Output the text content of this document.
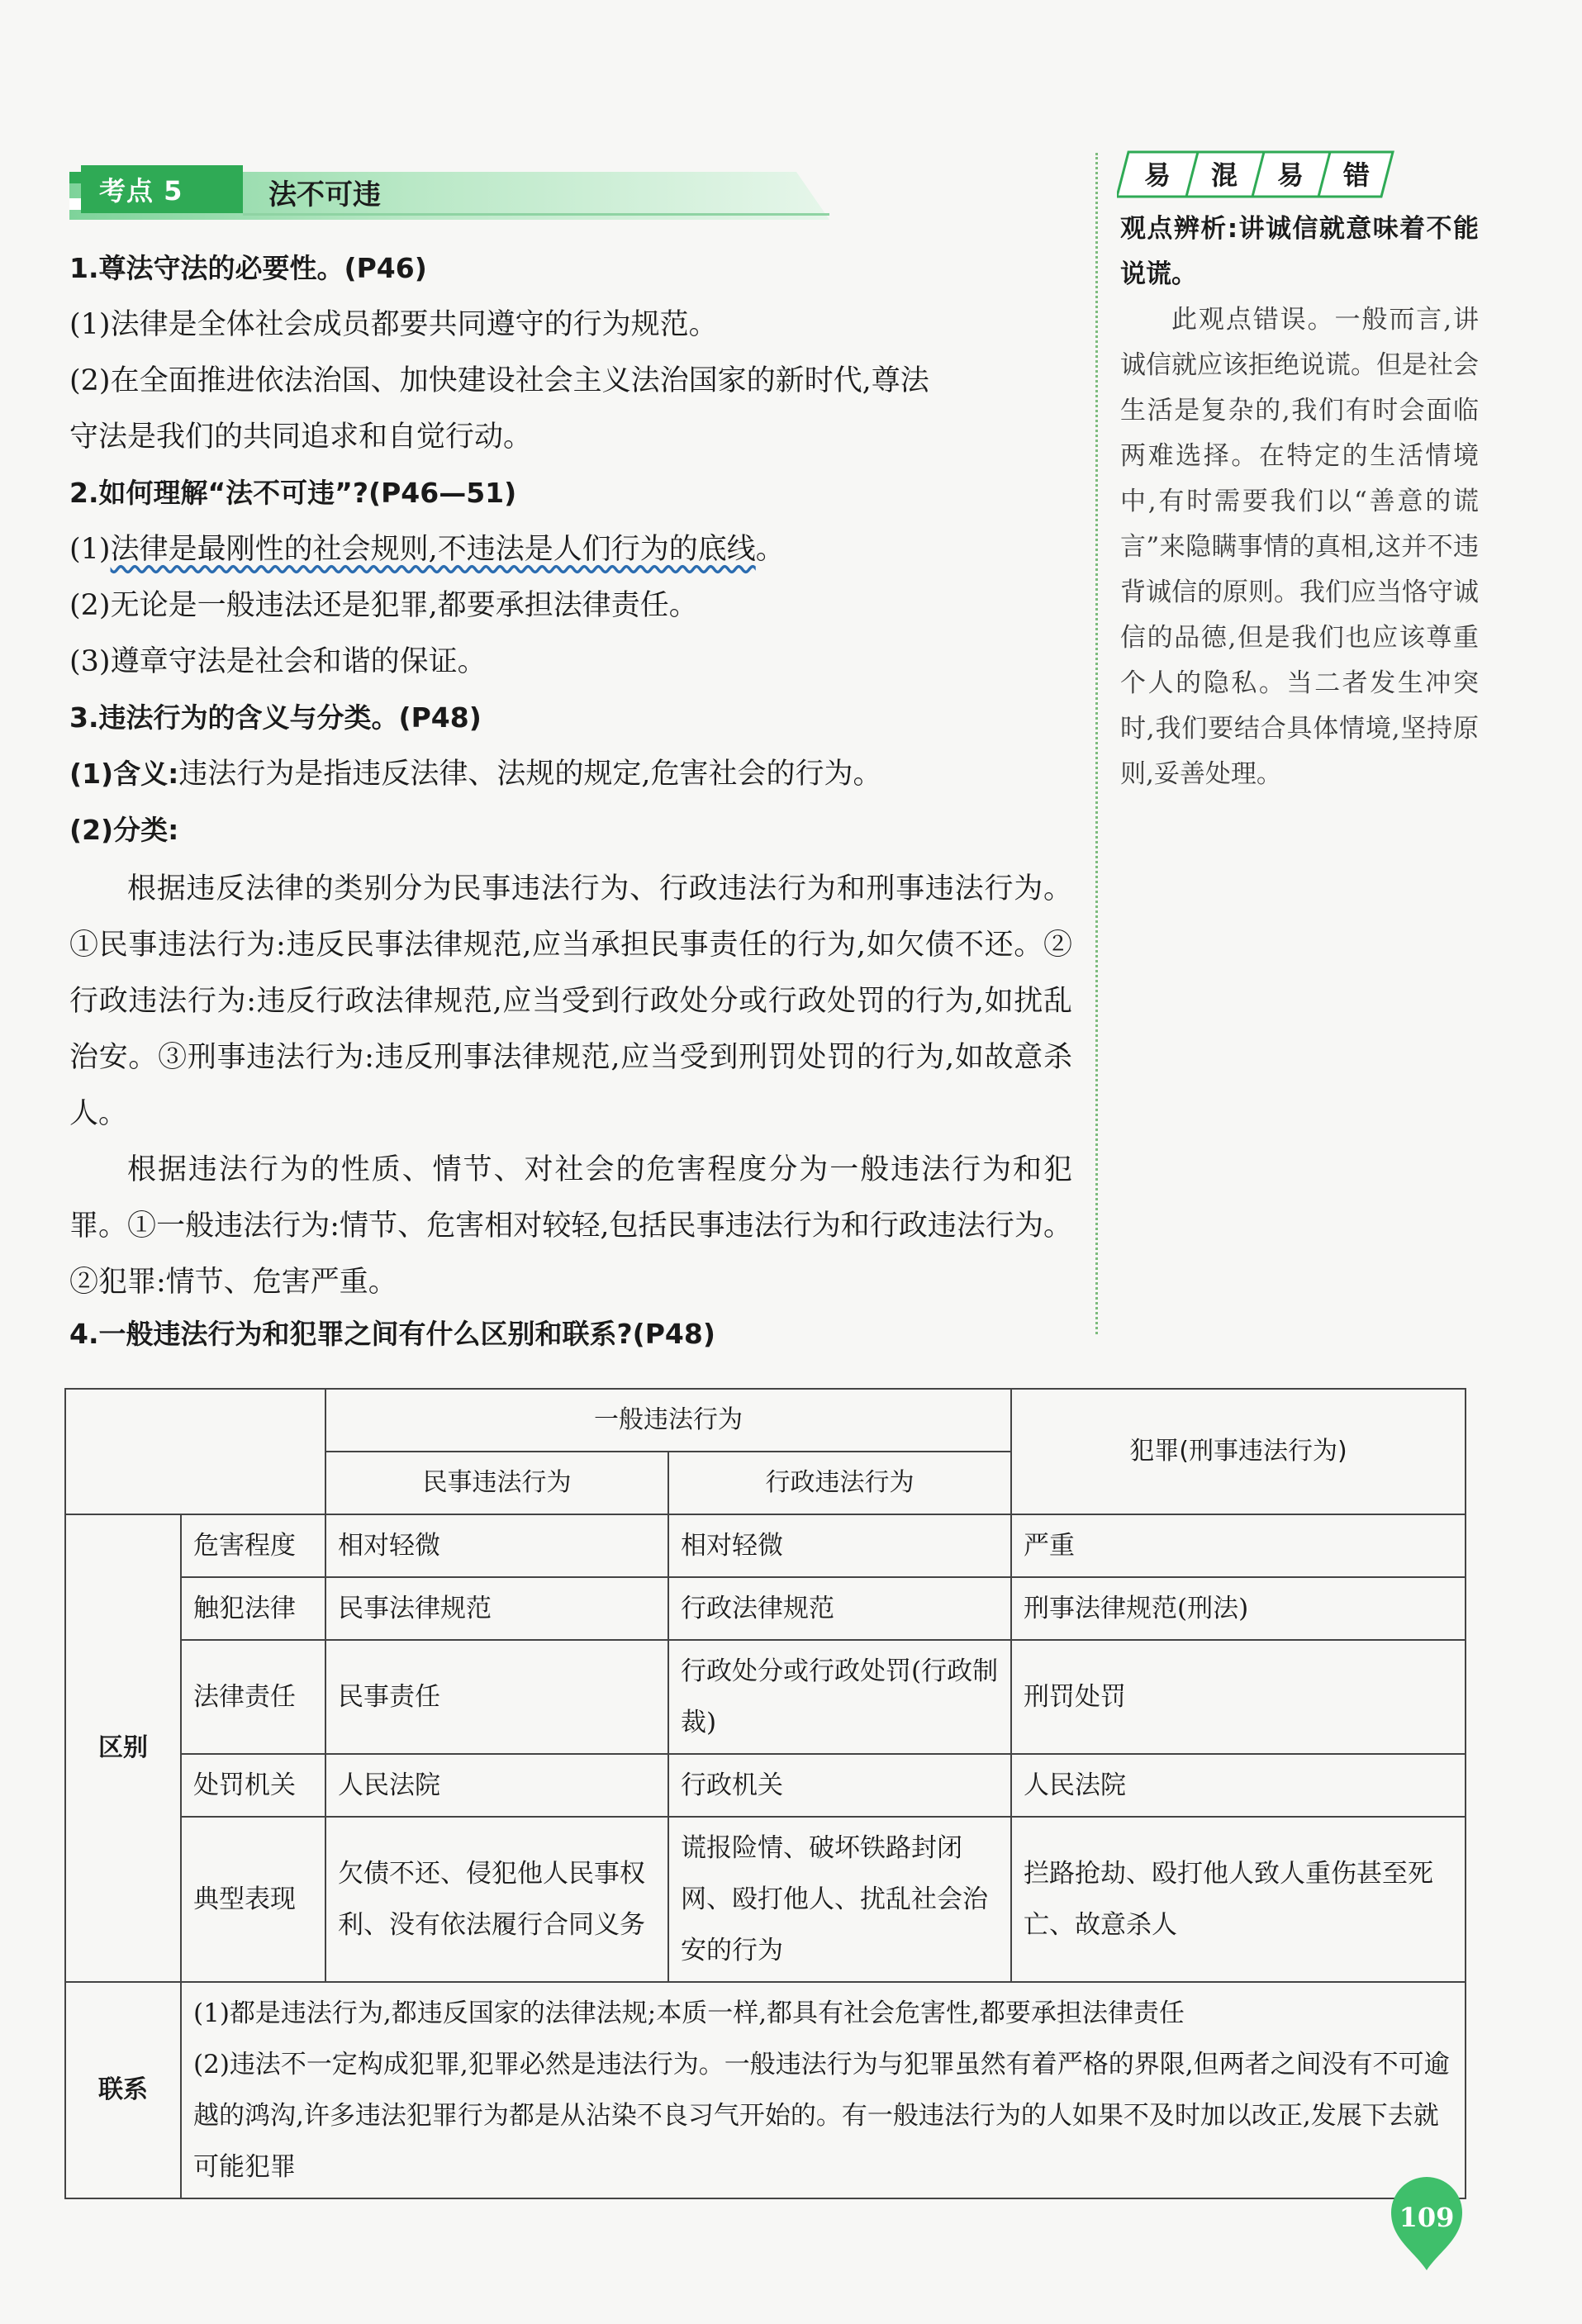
考点 5	法不可违
1.尊法守法的必要性。(P46)
(1)法律是全体社会成员都要共同遵守的行为规范。
(2)在全面推进依法治国、加快建设社会主义法治国家的新时代,尊法
守法是我们的共同追求和自觉行动。
2.如何理解“法不可违”?(P46—51)
(1)法律是最刚性的社会规则,不违法是人们行为的底线。
(2)无论是一般违法还是犯罪,都要承担法律责任。
(3)遵章守法是社会和谐的保证。
3.违法行为的含义与分类。(P48)
(1)含义:违法行为是指违反法律、法规的规定,危害社会的行为。
(2)分类:
根据违反法律的类别分为民事违法行为、行政违法行为和刑事违法行为。①民事违法行为:违反民事法律规范,应当承担民事责任的行为,如欠债不还。②行政违法行为:违反行政法律规范,应当受到行政处分或行政处罚的行为,如扰乱治安。③刑事违法行为:违反刑事法律规范,应当受到刑罚处罚的行为,如故意杀人。
根据违法行为的性质、情节、对社会的危害程度分为一般违法行为和犯罪。①一般违法行为:情节、危害相对较轻,包括民事违法行为和行政违法行为。②犯罪:情节、危害严重。
4.一般违法行为和犯罪之间有什么区别和联系?(P48)
易 混 易 错
观点辨析:讲诚信就意味着不能说谎。
此观点错误。一般而言,讲诚信就应该拒绝说谎。但是社会生活是复杂的,我们有时会面临两难选择。在特定的生活情境中,有时需要我们以“善意的谎言”来隐瞒事情的真相,这并不违背诚信的原则。我们应当恪守诚信的品德,但是我们也应该尊重个人的隐私。当二者发生冲突时,我们要结合具体情境,坚持原则,妥善处理。
		一般违法行为		犯罪(刑事违法行为)
		民事违法行为	行政违法行为	
区别	危害程度	相对轻微	相对轻微	严重
	触犯法律	民事法律规范	行政法律规范	刑事法律规范(刑法)
	法律责任	民事责任	行政处分或行政处罚(行政制裁)	刑罚处罚
	处罚机关	人民法院	行政机关	人民法院
	典型表现	欠债不还、侵犯他人民事权利、没有依法履行合同义务	谎报险情、破坏铁路封闭网、殴打他人、扰乱社会治安的行为	拦路抢劫、殴打他人致人重伤甚至死亡、故意杀人
联系	(1)都是违法行为,都违反国家的法律法规;本质一样,都具有社会危害性,都要承担法律责任
(2)违法不一定构成犯罪,犯罪必然是违法行为。一般违法行为与犯罪虽然有着严格的界限,但两者之间没有不可逾越的鸿沟,许多违法犯罪行为都是从沾染不良习气开始的。有一般违法行为的人如果不及时加以改正,发展下去就可能犯罪			
109
